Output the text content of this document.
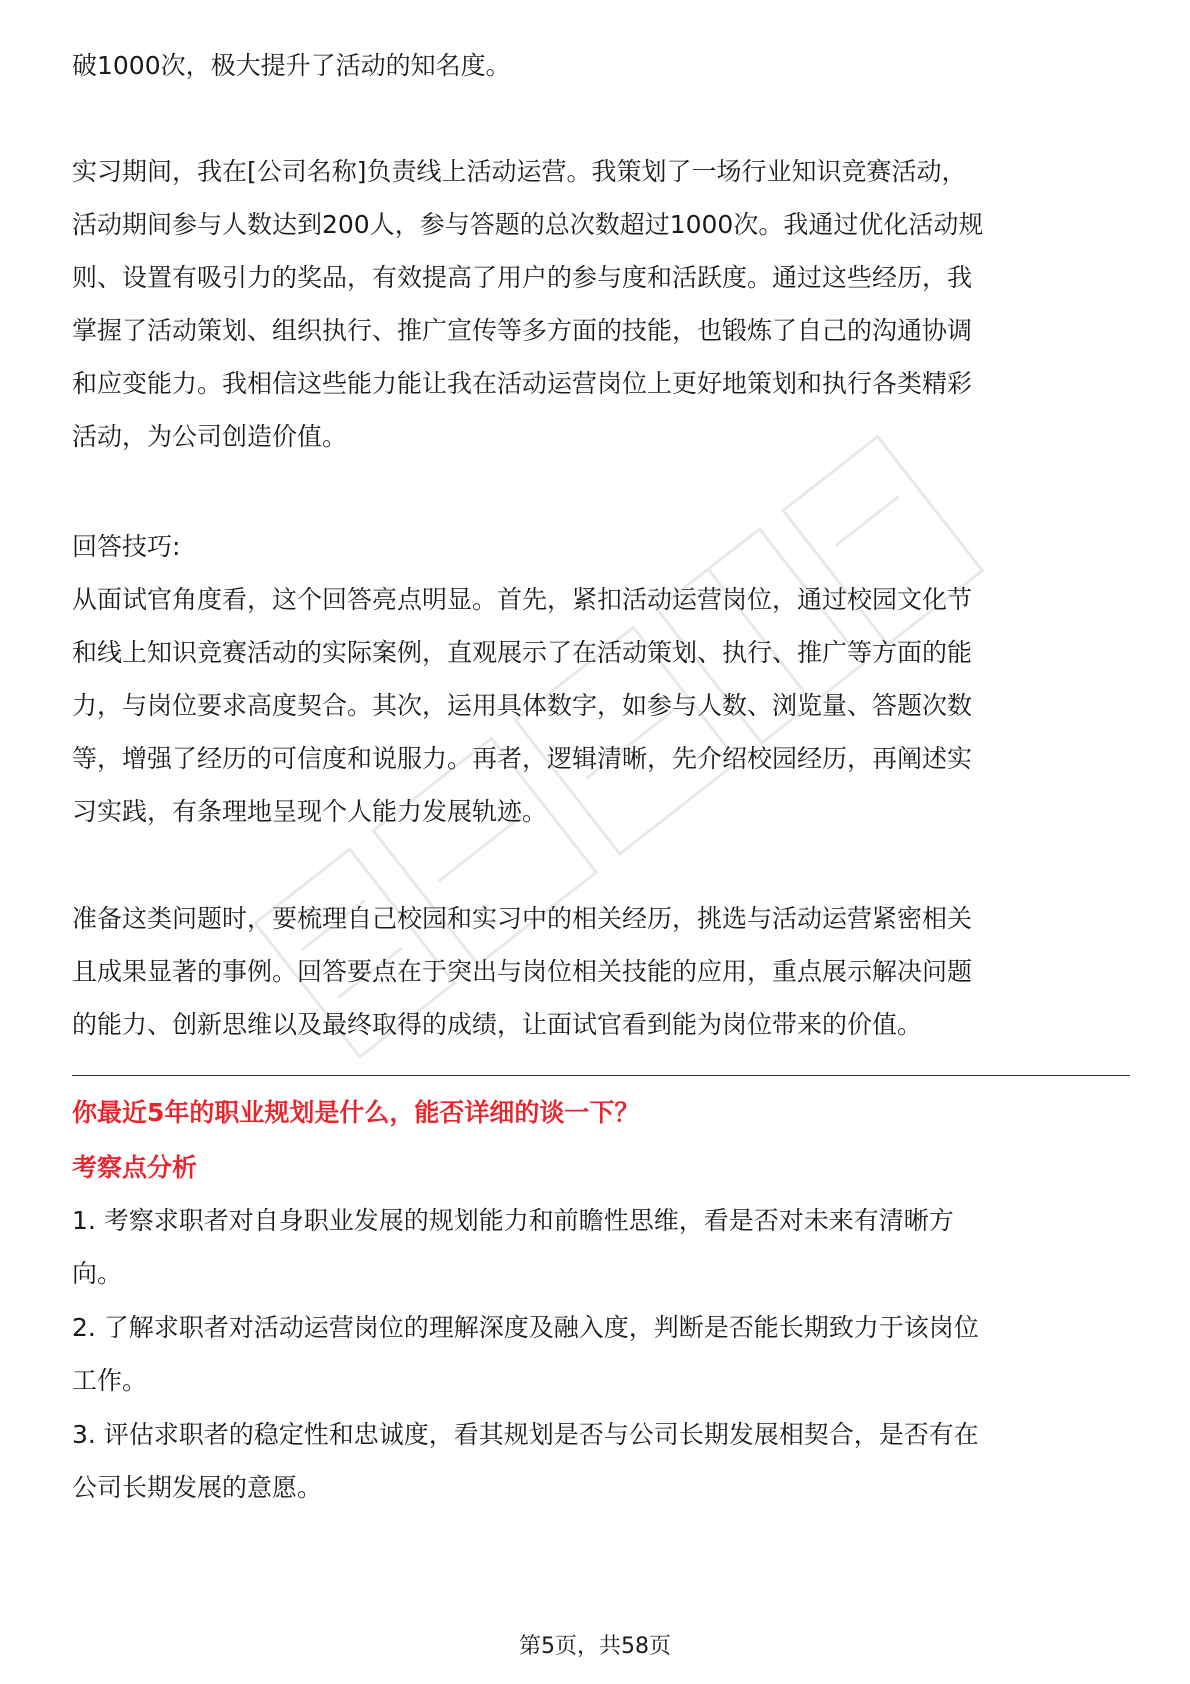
破1000次，极大提升了活动的知名度。
实习期间，我在[公司名称]负责线上活动运营。我策划了一场行业知识竞赛活动，
活动期间参与人数达到200人，参与答题的总次数超过1000次。我通过优化活动规
则、设置有吸引力的奖品，有效提高了用户的参与度和活跃度。通过这些经历，我
掌握了活动策划、组织执行、推广宣传等多方面的技能，也锻炼了自己的沟通协调
和应变能力。我相信这些能力能让我在活动运营岗位上更好地策划和执行各类精彩
活动，为公司创造价值。
回答技巧:
从面试官角度看，这个回答亮点明显。首先，紧扣活动运营岗位，通过校园文化节
和线上知识竞赛活动的实际案例，直观展示了在活动策划、执行、推广等方面的能
力，与岗位要求高度契合。其次，运用具体数字，如参与人数、浏览量、答题次数
等，增强了经历的可信度和说服力。再者，逻辑清晰，先介绍校园经历，再阐述实
习实践，有条理地呈现个人能力发展轨迹。
准备这类问题时，要梳理自己校园和实习中的相关经历，挑选与活动运营紧密相关
且成果显著的事例。回答要点在于突出与岗位相关技能的应用，重点展示解决问题
的能力、创新思维以及最终取得的成绩，让面试官看到能为岗位带来的价值。
你最近5年的职业规划是什么，能否详细的谈一下？
考察点分析
1. 考察求职者对自身职业发展的规划能力和前瞻性思维，看是否对未来有清晰方
向。
2. 了解求职者对活动运营岗位的理解深度及融入度，判断是否能长期致力于该岗位
工作。
3. 评估求职者的稳定性和忠诚度，看其规划是否与公司长期发展相契合，是否有在
公司长期发展的意愿。
第5页，共58页
